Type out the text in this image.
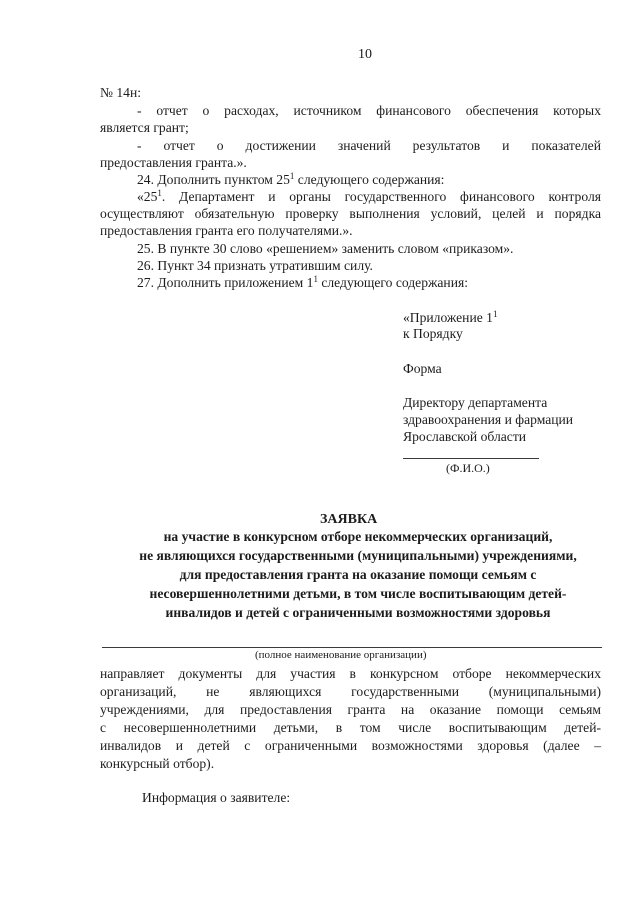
10
№ 14н:
- отчет о расходах, источником финансового обеспечения которых
является грант;
- отчет о достижении значений результатов и показателей
предоставления гранта.».
24. Дополнить пунктом $25^1$ следующего содержания:
«$25^1$. Департамент и органы государственного финансового контроля
осуществляют обязательную проверку выполнения условий, целей и порядка
предоставления гранта его получателями.».
25. В пункте 30 слово «решением» заменить словом «приказом».
26. Пункт 34 признать утратившим силу.
27. Дополнить приложением $1^1$ следующего содержания:
«Приложение $1^1$
к Порядку
Форма
Директору департамента
здравоохранения и фармации
Ярославской области
(Ф.И.О.)
ЗАЯВКА
на участие в конкурсном отборе некоммерческих организаций,
не являющихся государственными (муниципальными) учреждениями,
для предоставления гранта на оказание помощи семьям с
несовершеннолетними детьми, в том числе воспитывающим детей-
инвалидов и детей с ограниченными возможностями здоровья
(полное наименование организации)
направляет документы для участия в конкурсном отборе некоммерческих
организаций, не являющихся государственными (муниципальными)
учреждениями, для предоставления гранта на оказание помощи семьям
с несовершеннолетними детьми, в том числе воспитывающим детей-
инвалидов и детей с ограниченными возможностями здоровья (далее –
конкурсный отбор).
Информация о заявителе:
